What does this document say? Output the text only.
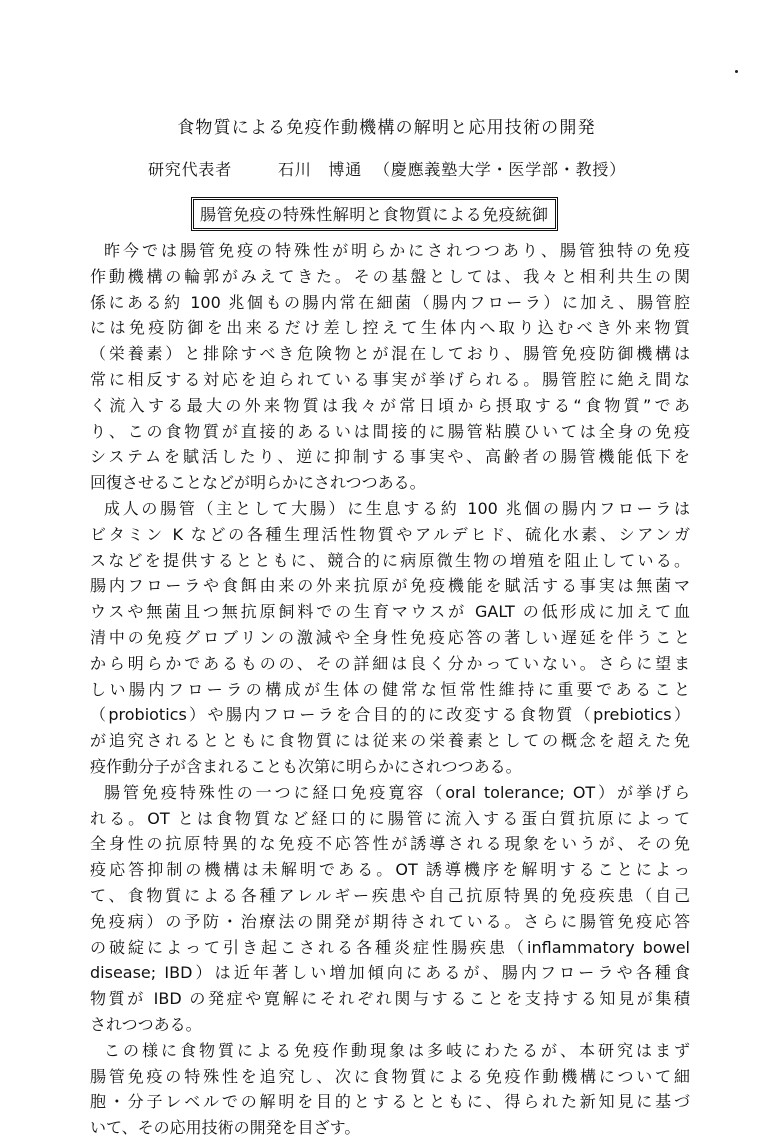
食物質による免疫作動機構の解明と応用技術の開発
研究代表者	石川　博通 （慶應義塾大学・医学部・教授）
腸管免疫の特殊性解明と食物質による免疫統御
昨今では腸管免疫の特殊性が明らかにされつつあり、腸管独特の免疫
作動機構の輪郭がみえてきた。その基盤としては、我々と相利共生の関
係にある約 100 兆個もの腸内常在細菌（腸内フローラ）に加え、腸管腔
には免疫防御を出来るだけ差し控えて生体内へ取り込むべき外来物質
（栄養素）と排除すべき危険物とが混在しており、腸管免疫防御機構は
常に相反する対応を迫られている事実が挙げられる。腸管腔に絶え間な
く流入する最大の外来物質は我々が常日頃から摂取する“食物質”であ
り、この食物質が直接的あるいは間接的に腸管粘膜ひいては全身の免疫
システムを賦活したり、逆に抑制する事実や、高齢者の腸管機能低下を
回復させることなどが明らかにされつつある。
成人の腸管（主として大腸）に生息する約 100 兆個の腸内フローラは
ビタミン K などの各種生理活性物質やアルデヒド、硫化水素、シアンガ
スなどを提供するとともに、競合的に病原微生物の増殖を阻止している。
腸内フローラや食餌由来の外来抗原が免疫機能を賦活する事実は無菌マ
ウスや無菌且つ無抗原飼料での生育マウスが GALT の低形成に加えて血
清中の免疫グロブリンの激減や全身性免疫応答の著しい遅延を伴うこと
から明らかであるものの、その詳細は良く分かっていない。さらに望ま
しい腸内フローラの構成が生体の健常な恒常性維持に重要であること
（probiotics）や腸内フローラを合目的的に改変する食物質（prebiotics）
が追究されるとともに食物質には従来の栄養素としての概念を超えた免
疫作動分子が含まれることも次第に明らかにされつつある。
腸管免疫特殊性の一つに経口免疫寛容（oral tolerance; OT）が挙げら
れる。OT とは食物質など経口的に腸管に流入する蛋白質抗原によって
全身性の抗原特異的な免疫不応答性が誘導される現象をいうが、その免
疫応答抑制の機構は未解明である。OT 誘導機序を解明することによっ
て、食物質による各種アレルギー疾患や自己抗原特異的免疫疾患（自己
免疫病）の予防・治療法の開発が期待されている。さらに腸管免疫応答
の破綻によって引き起こされる各種炎症性腸疾患（inflammatory bowel
disease; IBD）は近年著しい増加傾向にあるが、腸内フローラや各種食
物質が IBD の発症や寛解にそれぞれ関与することを支持する知見が集積
されつつある。
この様に食物質による免疫作動現象は多岐にわたるが、本研究はまず
腸管免疫の特殊性を追究し、次に食物質による免疫作動機構について細
胞・分子レベルでの解明を目的とするとともに、得られた新知見に基づ
いて、その応用技術の開発を目ざす。
